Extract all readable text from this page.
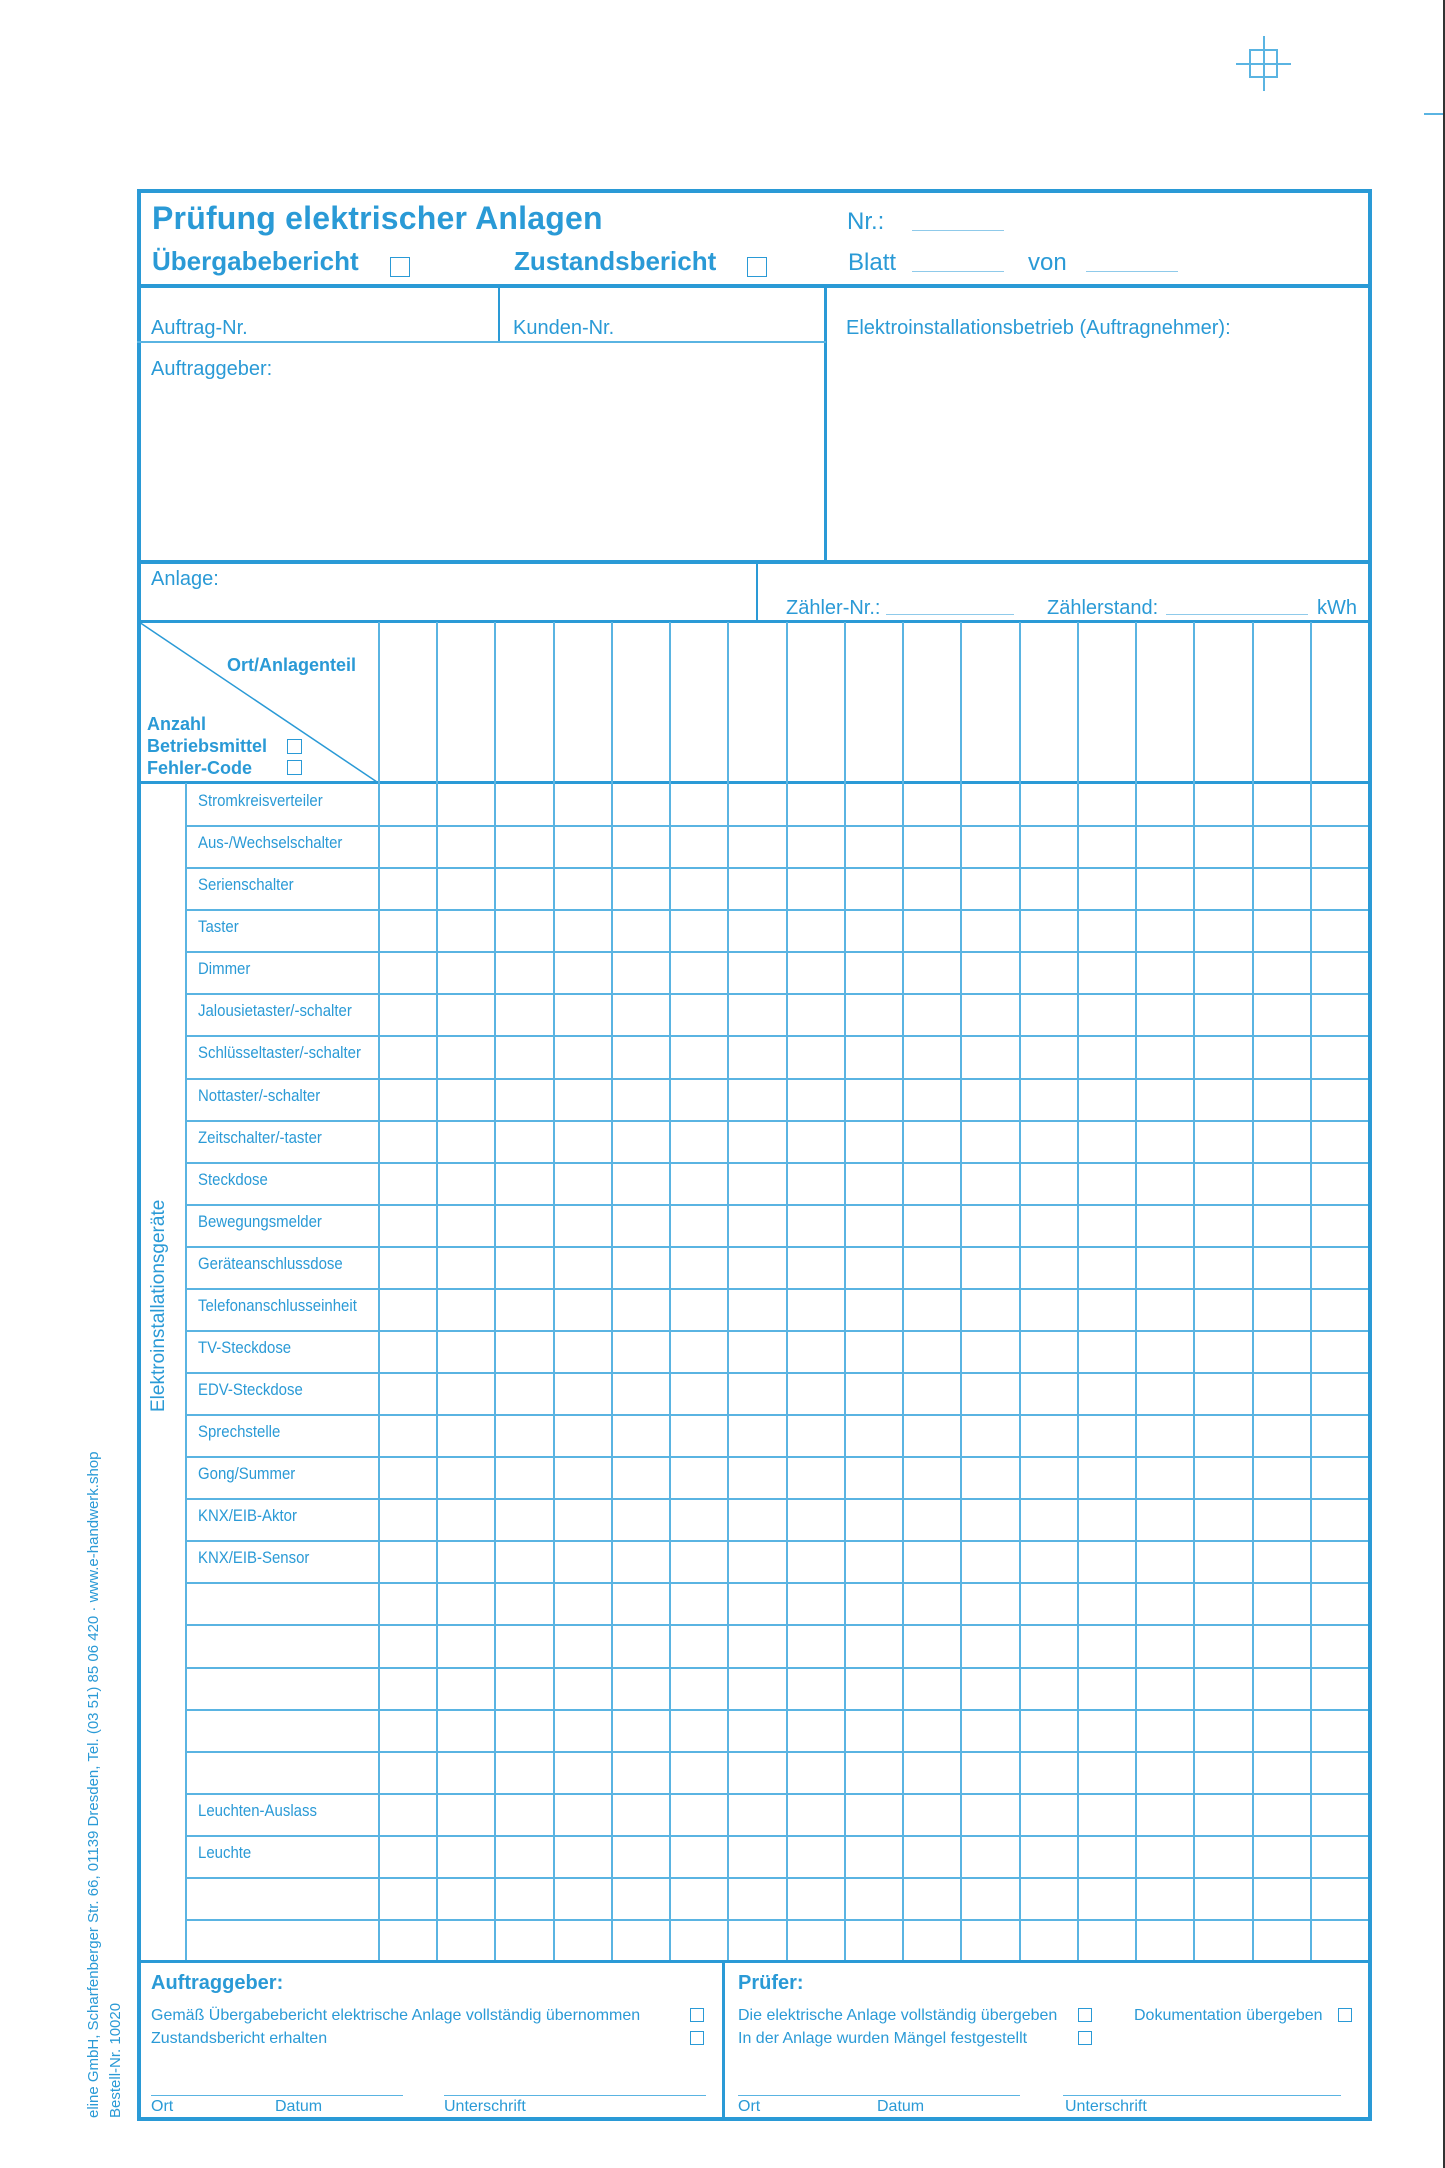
Prüfung elektrischer Anlagen
Übergabebericht	Zustandsbericht
Nr.:
Blatt	von
Auftrag-Nr.	Kunden-Nr.
Auftraggeber:
Elektroinstallationsbetrieb (Auftragnehmer):
Anlage:
Zähler-Nr.:	Zählerstand:	kWh
Ort/Anlagenteil
Anzahl
Betriebsmittel
Fehler-Code
Stromkreisverteiler
Aus-/Wechselschalter
Serienschalter
Taster
Dimmer
Jalousietaster/-schalter
Schlüsseltaster/-schalter
Nottaster/-schalter
Zeitschalter/-taster
Steckdose
Bewegungsmelder
Geräteanschlussdose
Telefonanschlusseinheit
TV-Steckdose
EDV-Steckdose
Sprechstelle
Gong/Summer
KNX/EIB-Aktor
KNX/EIB-Sensor
Leuchten-Auslass
Leuchte
Elektroinstallationsgeräte
Auftraggeber:
Gemäß Übergabebericht elektrische Anlage vollständig übernommen
Zustandsbericht erhalten
Ort	Datum	Unterschrift
Prüfer:
Die elektrische Anlage vollständig übergeben
In der Anlage wurden Mängel festgestellt
Dokumentation übergeben
Ort	Datum	Unterschrift
eline GmbH, Scharfenberger Str. 66, 01139 Dresden, Tel. (03 51) 85 06 420 · www.e-handwerk.shop Bestell-Nr. 10020
